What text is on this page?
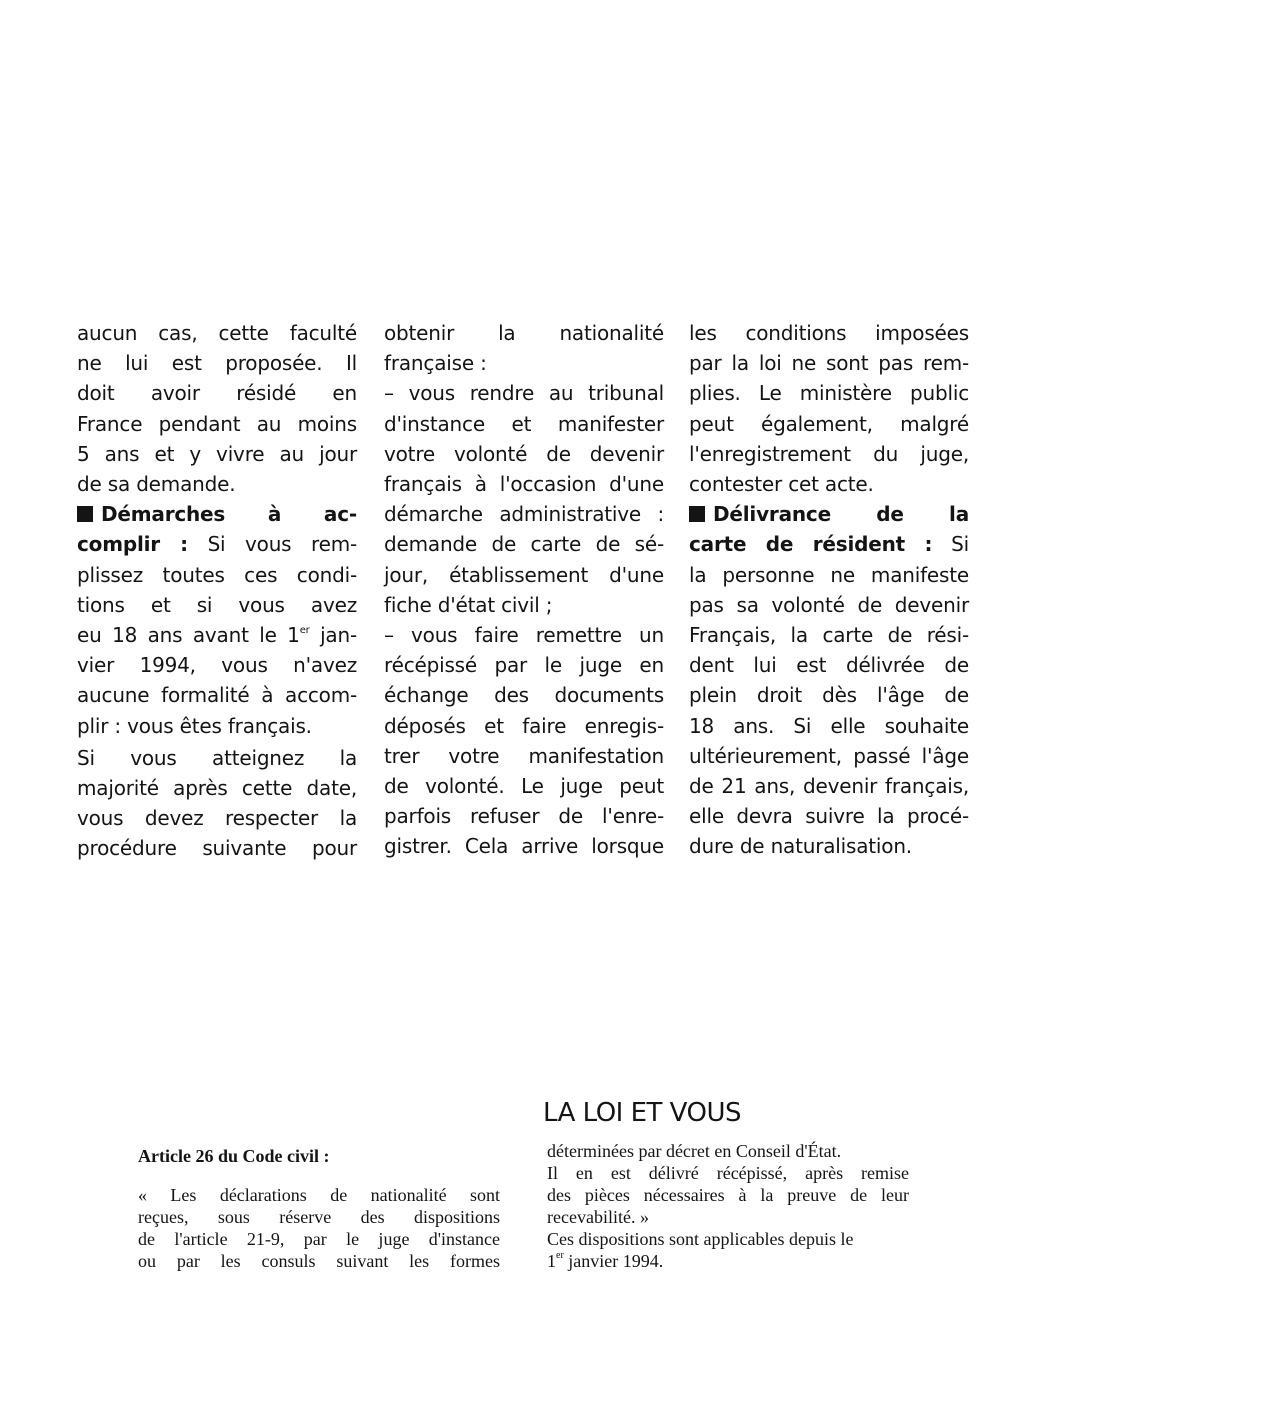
aucun cas, cette faculté
ne lui est proposée. Il
doit avoir résidé en
France pendant au moins
5 ans et y vivre au jour
de sa demande.
Démarches à ac-
complir : Si vous rem-
plissez toutes ces condi-
tions et si vous avez
eu 18 ans avant le 1er jan-
vier 1994, vous n'avez
aucune formalité à accom-
plir : vous êtes français.
Si vous atteignez la
majorité après cette date,
vous devez respecter la
procédure suivante pour
obtenir la nationalité
française :
– vous rendre au tribunal
d'instance et manifester
votre volonté de devenir
français à l'occasion d'une
démarche administrative :
demande de carte de sé-
jour, établissement d'une
fiche d'état civil ;
– vous faire remettre un
récépissé par le juge en
échange des documents
déposés et faire enregis-
trer votre manifestation
de volonté. Le juge peut
parfois refuser de l'enre-
gistrer. Cela arrive lorsque
les conditions imposées
par la loi ne sont pas rem-
plies. Le ministère public
peut également, malgré
l'enregistrement du juge,
contester cet acte.
Délivrance de la
carte de résident : Si
la personne ne manifeste
pas sa volonté de devenir
Français, la carte de rési-
dent lui est délivrée de
plein droit dès l'âge de
18 ans. Si elle souhaite
ultérieurement, passé l'âge
de 21 ans, devenir français,
elle devra suivre la procé-
dure de naturalisation.
LA LOI ET VOUS
Article 26 du Code civil :
« Les déclarations de nationalité sont
reçues, sous réserve des dispositions
de l'article 21-9, par le juge d'instance
ou par les consuls suivant les formes
déterminées par décret en Conseil d'État.
Il en est délivré récépissé, après remise
des pièces nécessaires à la preuve de leur
recevabilité. »
Ces dispositions sont applicables depuis le
1er janvier 1994.
